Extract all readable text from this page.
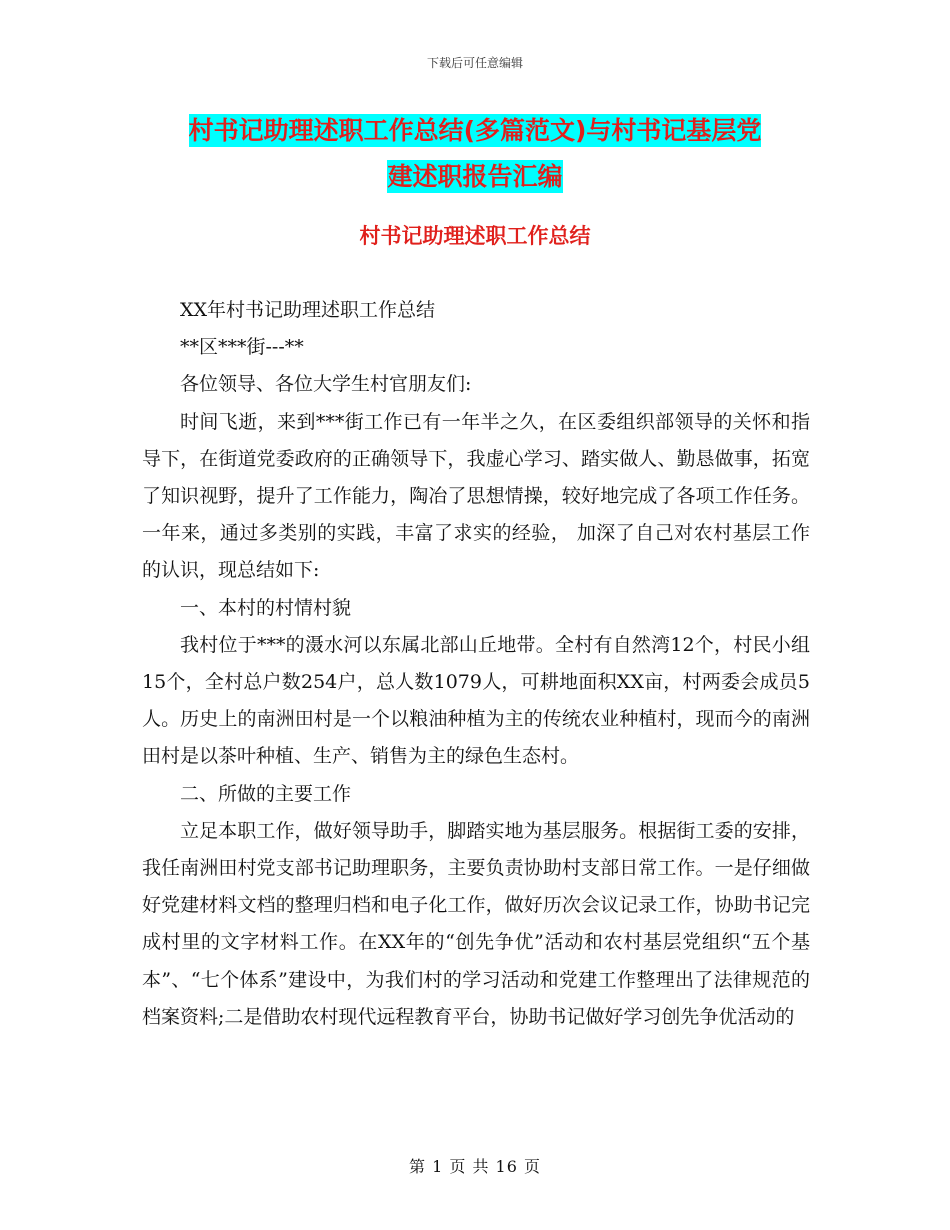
下载后可任意编辑
村书记助理述职工作总结(多篇范文)与村书记基层党
建述职报告汇编
村书记助理述职工作总结

XX年村书记助理述职工作总结

**区***街---**

各位领导、各位大学生村官朋友们:

时间飞逝，来到***街工作已有一年半之久，在区委组织部领导的关怀和指导下，在街道党委政府的正确领导下，我虚心学习、踏实做人、勤恳做事，拓宽了知识视野，提升了工作能力，陶冶了思想情操，较好地完成了各项工作任务。一年来，通过多类别的实践，丰富了求实的经验， 加深了自己对农村基层工作的认识，现总结如下:

一、本村的村情村貌

我村位于***的滠水河以东属北部山丘地带。全村有自然湾12个，村民小组15个，全村总户数254户，总人数1079人，可耕地面积XX亩，村两委会成员5人。历史上的南洲田村是一个以粮油种植为主的传统农业种植村，现而今的南洲田村是以茶叶种植、生产、销售为主的绿色生态村。

二、所做的主要工作

立足本职工作，做好领导助手，脚踏实地为基层服务。根据街工委的安排，我任南洲田村党支部书记助理职务，主要负责协助村支部日常工作。一是仔细做好党建材料文档的整理归档和电子化工作，做好历次会议记录工作，协助书记完成村里的文字材料工作。在XX年的“创先争优”活动和农村基层党组织“五个基本”、“七个体系”建设中，为我们村的学习活动和党建工作整理出了法律规范的档案资料;二是借助农村现代远程教育平台，协助书记做好学习创先争优活动的

第 1 页 共 16 页
